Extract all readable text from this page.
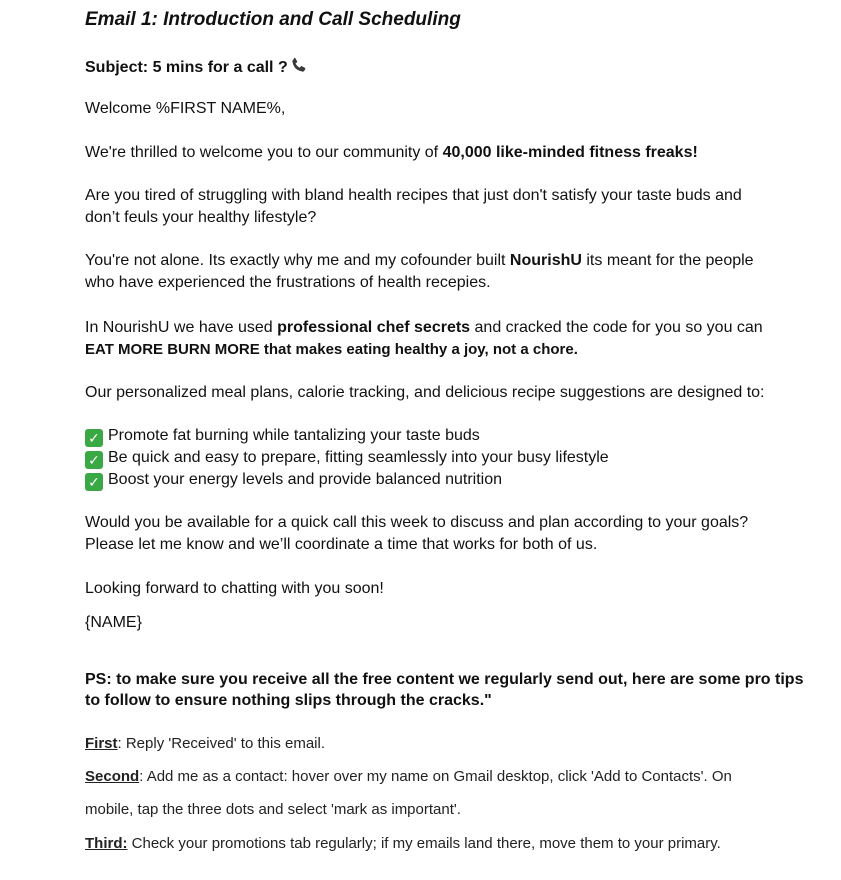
Email 1: Introduction and Call Scheduling
Subject: 5 mins for a call ?
Welcome %FIRST NAME%,
We're thrilled to welcome you to our community of 40,000 like-minded fitness freaks!
Are you tired of struggling with bland health recipes that just don't satisfy your taste buds and
don’t feuls your healthy lifestyle?
You're not alone. Its exactly why me and my cofounder built NourishU its meant for the people
who have experienced the frustrations of health recepies.
In NourishU we have used professional chef secrets and cracked the code for you so you can
EAT MORE BURN MORE that makes eating healthy a joy, not a chore.
Our personalized meal plans, calorie tracking, and delicious recipe suggestions are designed to:
✓ Promote fat burning while tantalizing your taste buds
✓ Be quick and easy to prepare, fitting seamlessly into your busy lifestyle
✓ Boost your energy levels and provide balanced nutrition
Would you be available for a quick call this week to discuss and plan according to your goals?
Please let me know and we’ll coordinate a time that works for both of us.
Looking forward to chatting with you soon!
{NAME}
PS: to make sure you receive all the free content we regularly send out, here are some pro tips
to follow to ensure nothing slips through the cracks."
First: Reply 'Received' to this email.
Second: Add me as a contact: hover over my name on Gmail desktop, click 'Add to Contacts'. On
mobile, tap the three dots and select 'mark as important'.
Third: Check your promotions tab regularly; if my emails land there, move them to your primary.
